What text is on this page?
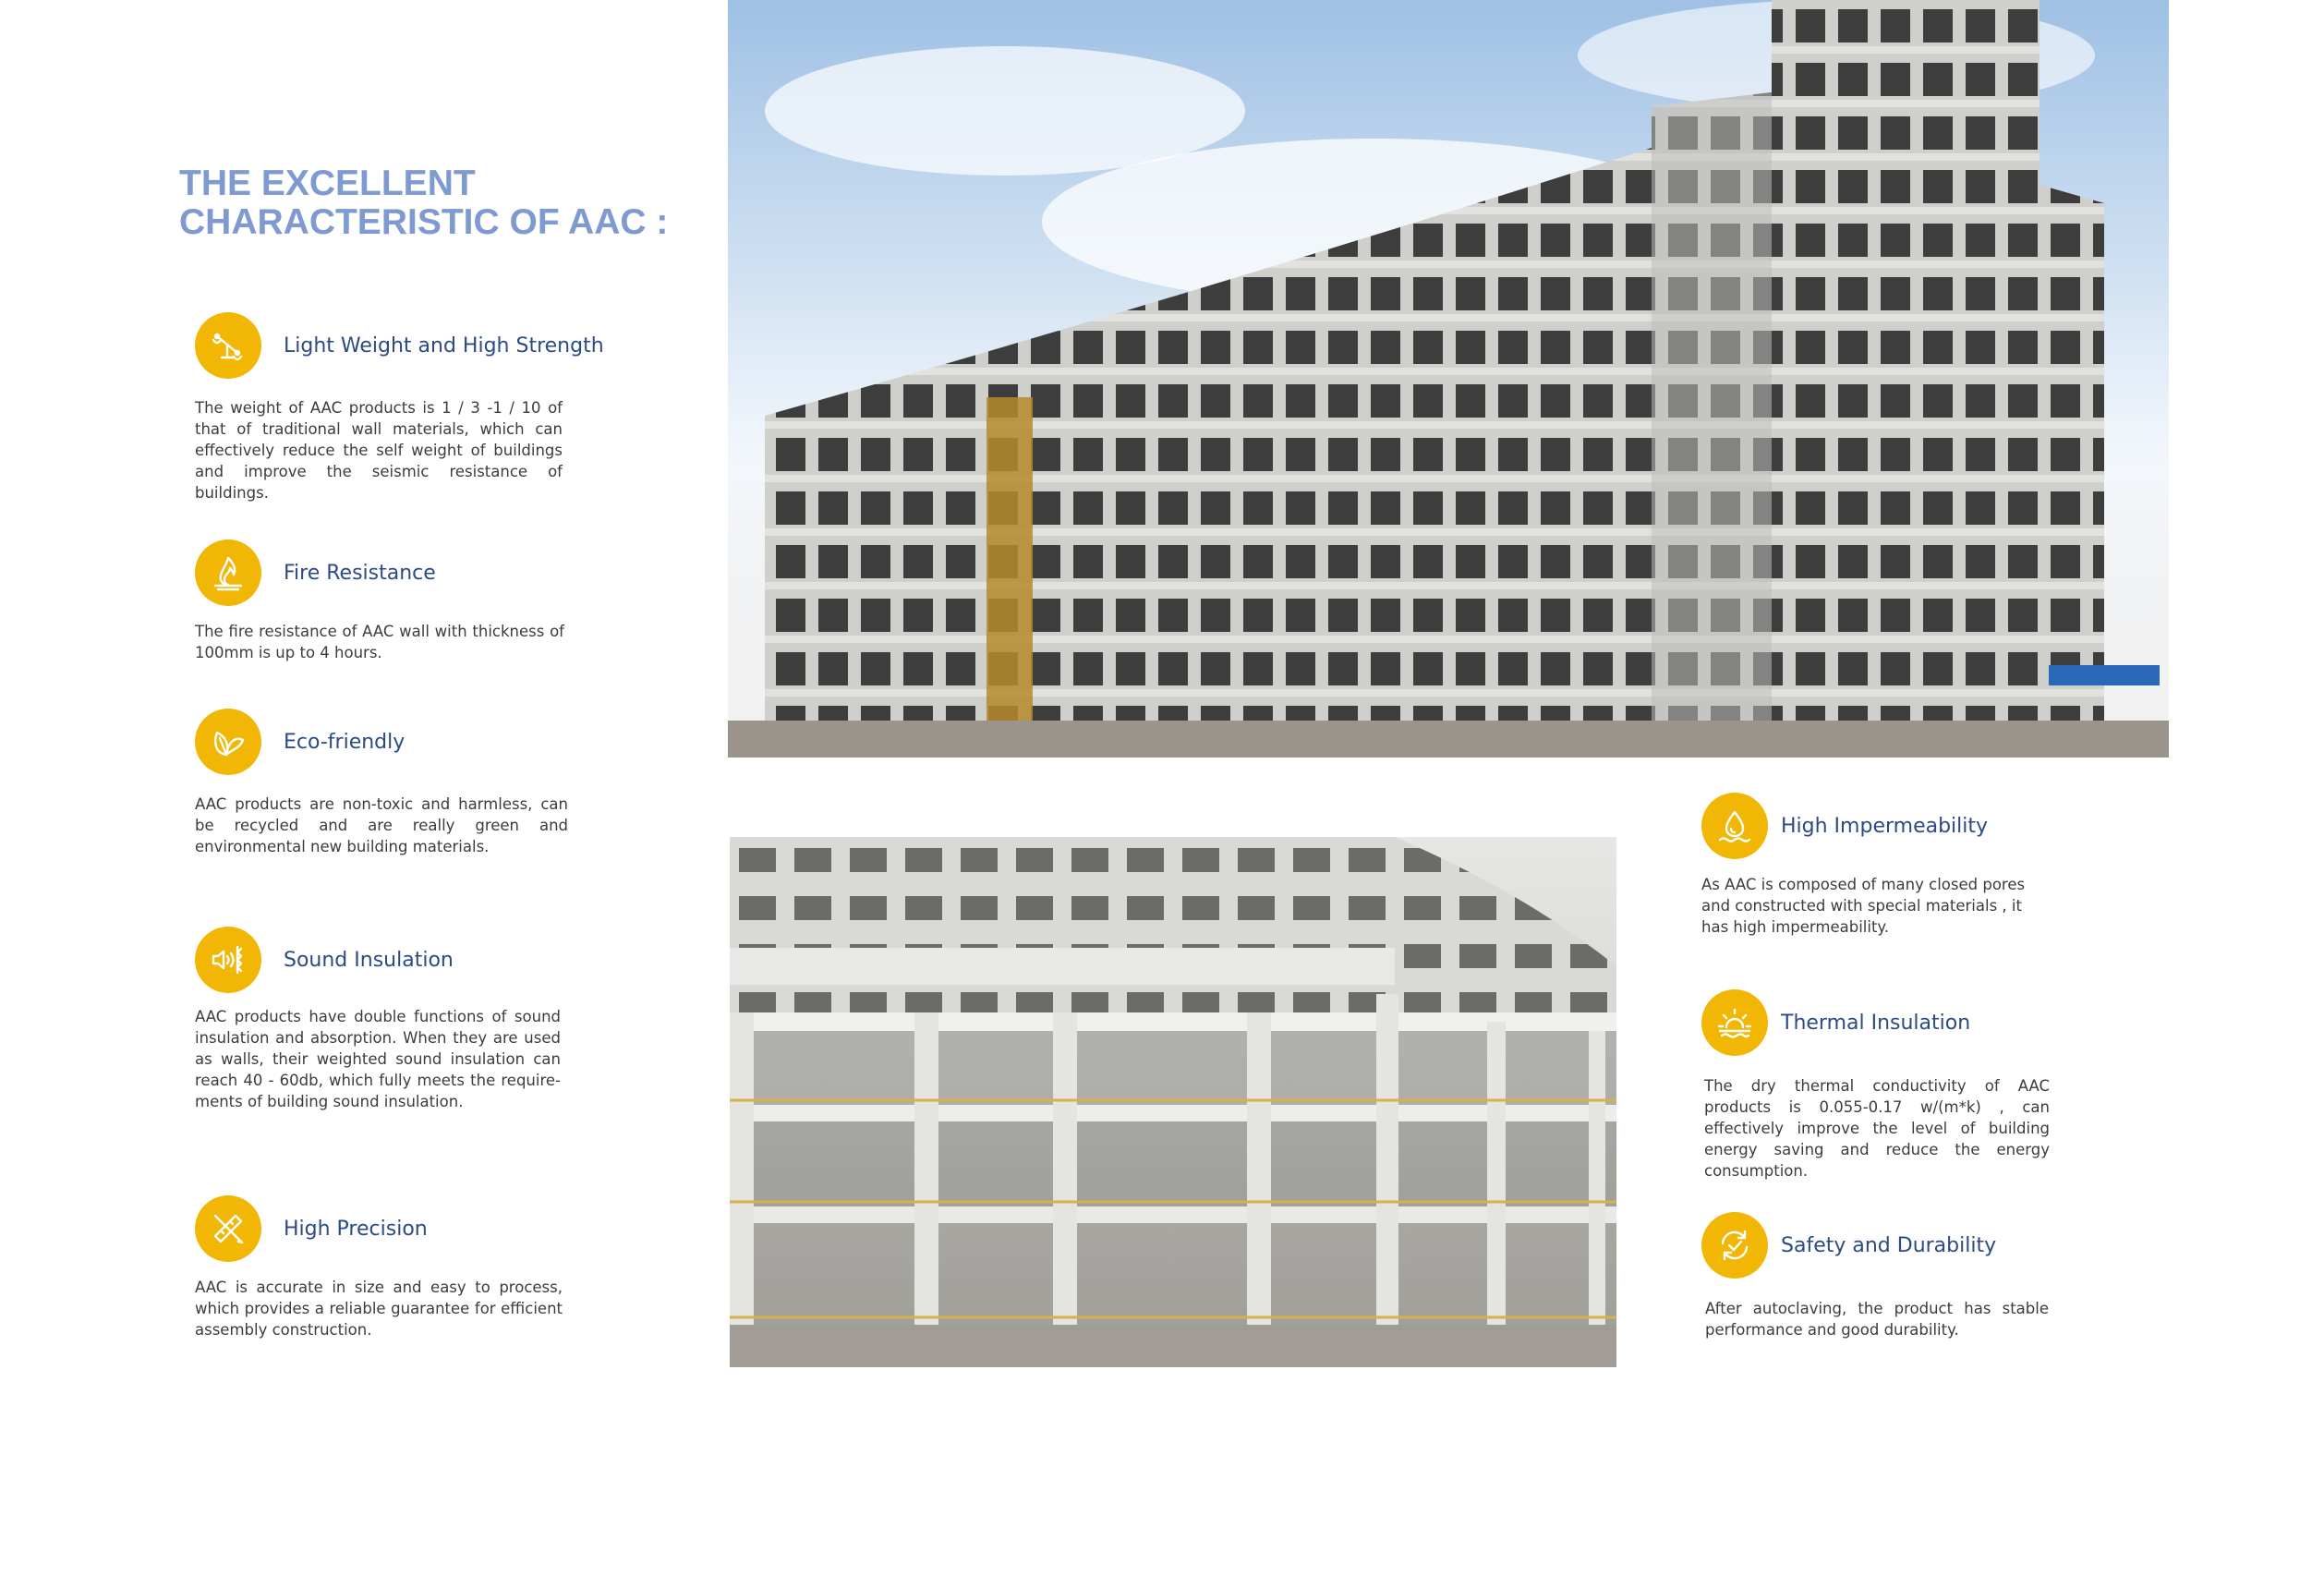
THE EXCELLENT
CHARACTERISTIC OF AAC :
Light Weight and High Strength

The weight of AAC products is 1 / 3 -1 / 10 of that of traditional wall materials, which can effectively reduce the self weight of buildings and improve the seismic resistance of buildings.

Fire Resistance

The fire resistance of AAC wall with thickness of 100mm is up to 4 hours.

Eco-friendly

AAC products are non-toxic and harmless, can be recycled and are really green and environmental new building materials.

Sound Insulation

AAC products have double functions of sound insulation and absorption. When they are used as walls, their weighted sound insulation can reach 40 - 60db, which fully meets the require-ments of building sound insulation.

High Precision

AAC is accurate in size and easy to process, which provides a reliable guarantee for efficient assembly construction.

High Impermeability

As AAC is composed of many closed pores and constructed with special materials , it has high impermeability.

Thermal Insulation

The dry thermal conductivity of AAC products is 0.055-0.17 w/(m*k) , can effectively improve the level of building energy saving and reduce the energy consumption.

Safety and Durability

After autoclaving, the product has stable performance and good durability.
